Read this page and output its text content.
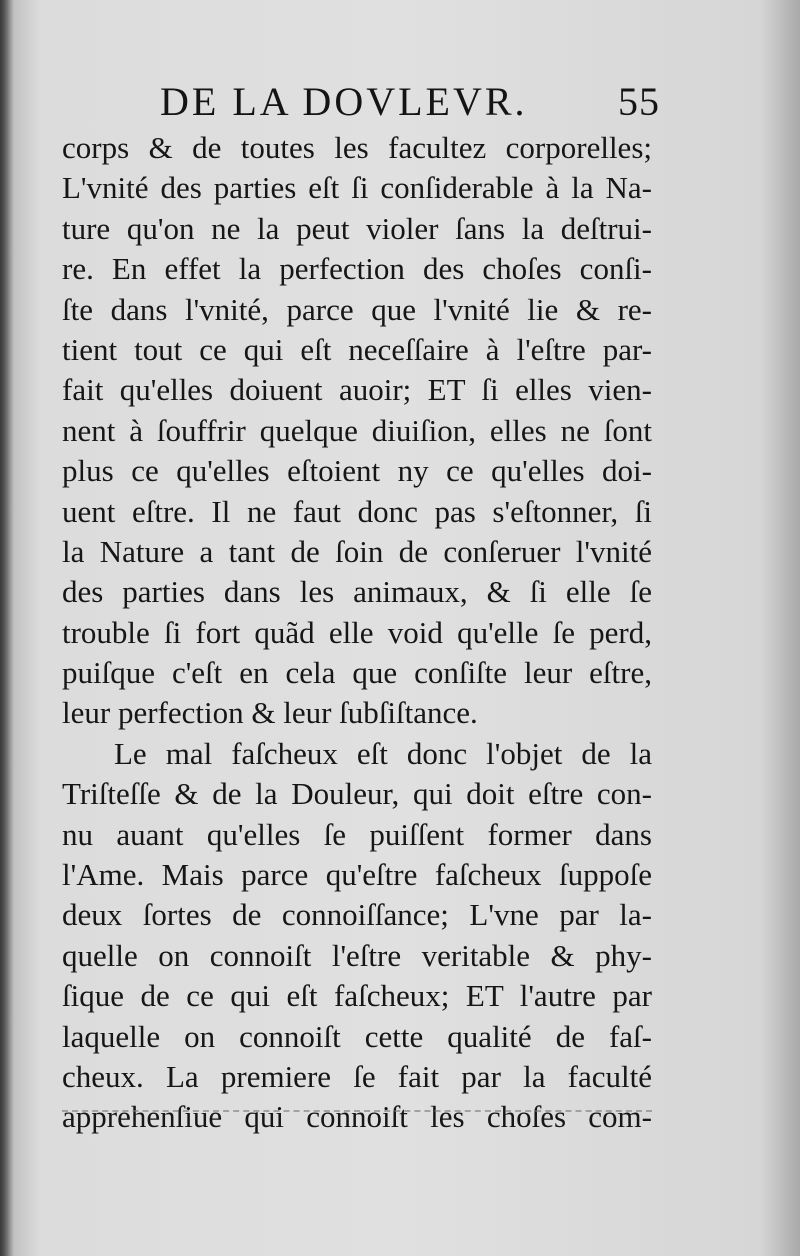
DE LA DOVLEVR. 55
corps & de toutes les facultez corporelles;
L'vnité des parties eſt ſi conſiderable à la Na-
ture qu'on ne la peut violer ſans la deſtrui-
re. En effet la perfection des choſes conſi-
ſte dans l'vnité, parce que l'vnité lie & re-
tient tout ce qui eſt neceſſaire à l'eſtre par-
fait qu'elles doiuent auoir; ET ſi elles vien-
nent à ſouffrir quelque diuiſion, elles ne ſont
plus ce qu'elles eſtoient ny ce qu'elles doi-
uent eſtre. Il ne faut donc pas s'eſtonner, ſi
la Nature a tant de ſoin de conſeruer l'vnité
des parties dans les animaux, & ſi elle ſe
trouble ſi fort quãd elle void qu'elle ſe perd,
puiſque c'eſt en cela que conſiſte leur eſtre,
leur perfection & leur ſubſiſtance.
Le mal faſcheux eſt donc l'objet de la
Triſteſſe & de la Douleur, qui doit eſtre con-
nu auant qu'elles ſe puiſſent former dans
l'Ame. Mais parce qu'eſtre faſcheux ſuppoſe
deux ſortes de connoiſſance; L'vne par la-
quelle on connoiſt l'eſtre veritable & phy-
ſique de ce qui eſt faſcheux; ET l'autre par
laquelle on connoiſt cette qualité de faſ-
cheux. La premiere ſe fait par la faculté
apprehenſiue qui connoiſt les choſes com-
